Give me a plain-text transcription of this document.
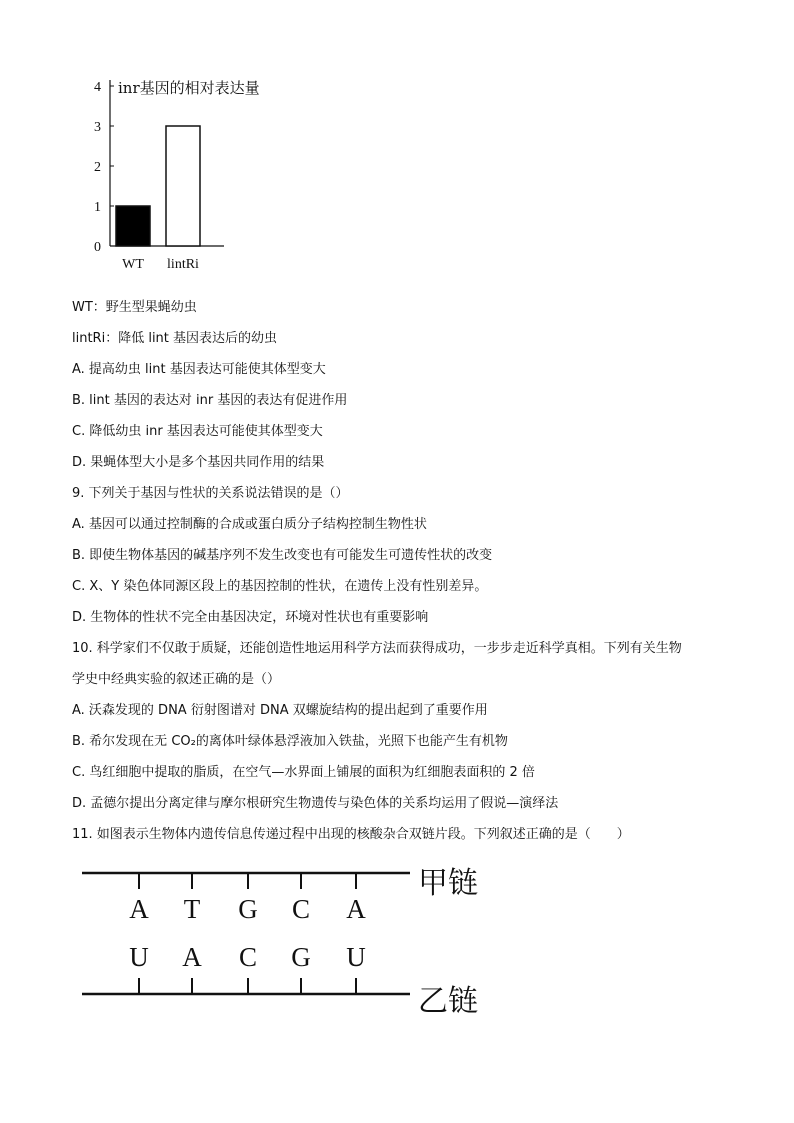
inr基因的相对表达量
4
3
2
1
0
WT lintRi
WT：野生型果蝇幼虫
lintRi：降低 lint 基因表达后的幼虫
A. 提高幼虫 lint 基因表达可能使其体型变大
B. lint 基因的表达对 inr 基因的表达有促进作用
C. 降低幼虫 inr 基因表达可能使其体型变大
D. 果蝇体型大小是多个基因共同作用的结果
9. 下列关于基因与性状的关系说法错误的是（）
A. 基因可以通过控制酶的合成或蛋白质分子结构控制生物性状
B. 即使生物体基因的碱基序列不发生改变也有可能发生可遗传性状的改变
C. X、Y 染色体同源区段上的基因控制的性状，在遗传上没有性别差异。
D. 生物体的性状不完全由基因决定，环境对性状也有重要影响
10. 科学家们不仅敢于质疑，还能创造性地运用科学方法而获得成功，一步步走近科学真相。下列有关生物
学史中经典实验的叙述正确的是（）
A. 沃森发现的 DNA 衍射图谱对 DNA 双螺旋结构的提出起到了重要作用
B. 希尔发现在无 CO₂的离体叶绿体悬浮液加入铁盐，光照下也能产生有机物
C. 鸟红细胞中提取的脂质，在空气—水界面上铺展的面积为红细胞表面积的 2 倍
D. 孟德尔提出分离定律与摩尔根研究生物遗传与染色体的关系均运用了假说—演绎法
11. 如图表示生物体内遗传信息传递过程中出现的核酸杂合双链片段。下列叙述正确的是（　　）
甲链
乙链
A T G C A
U A C G U
